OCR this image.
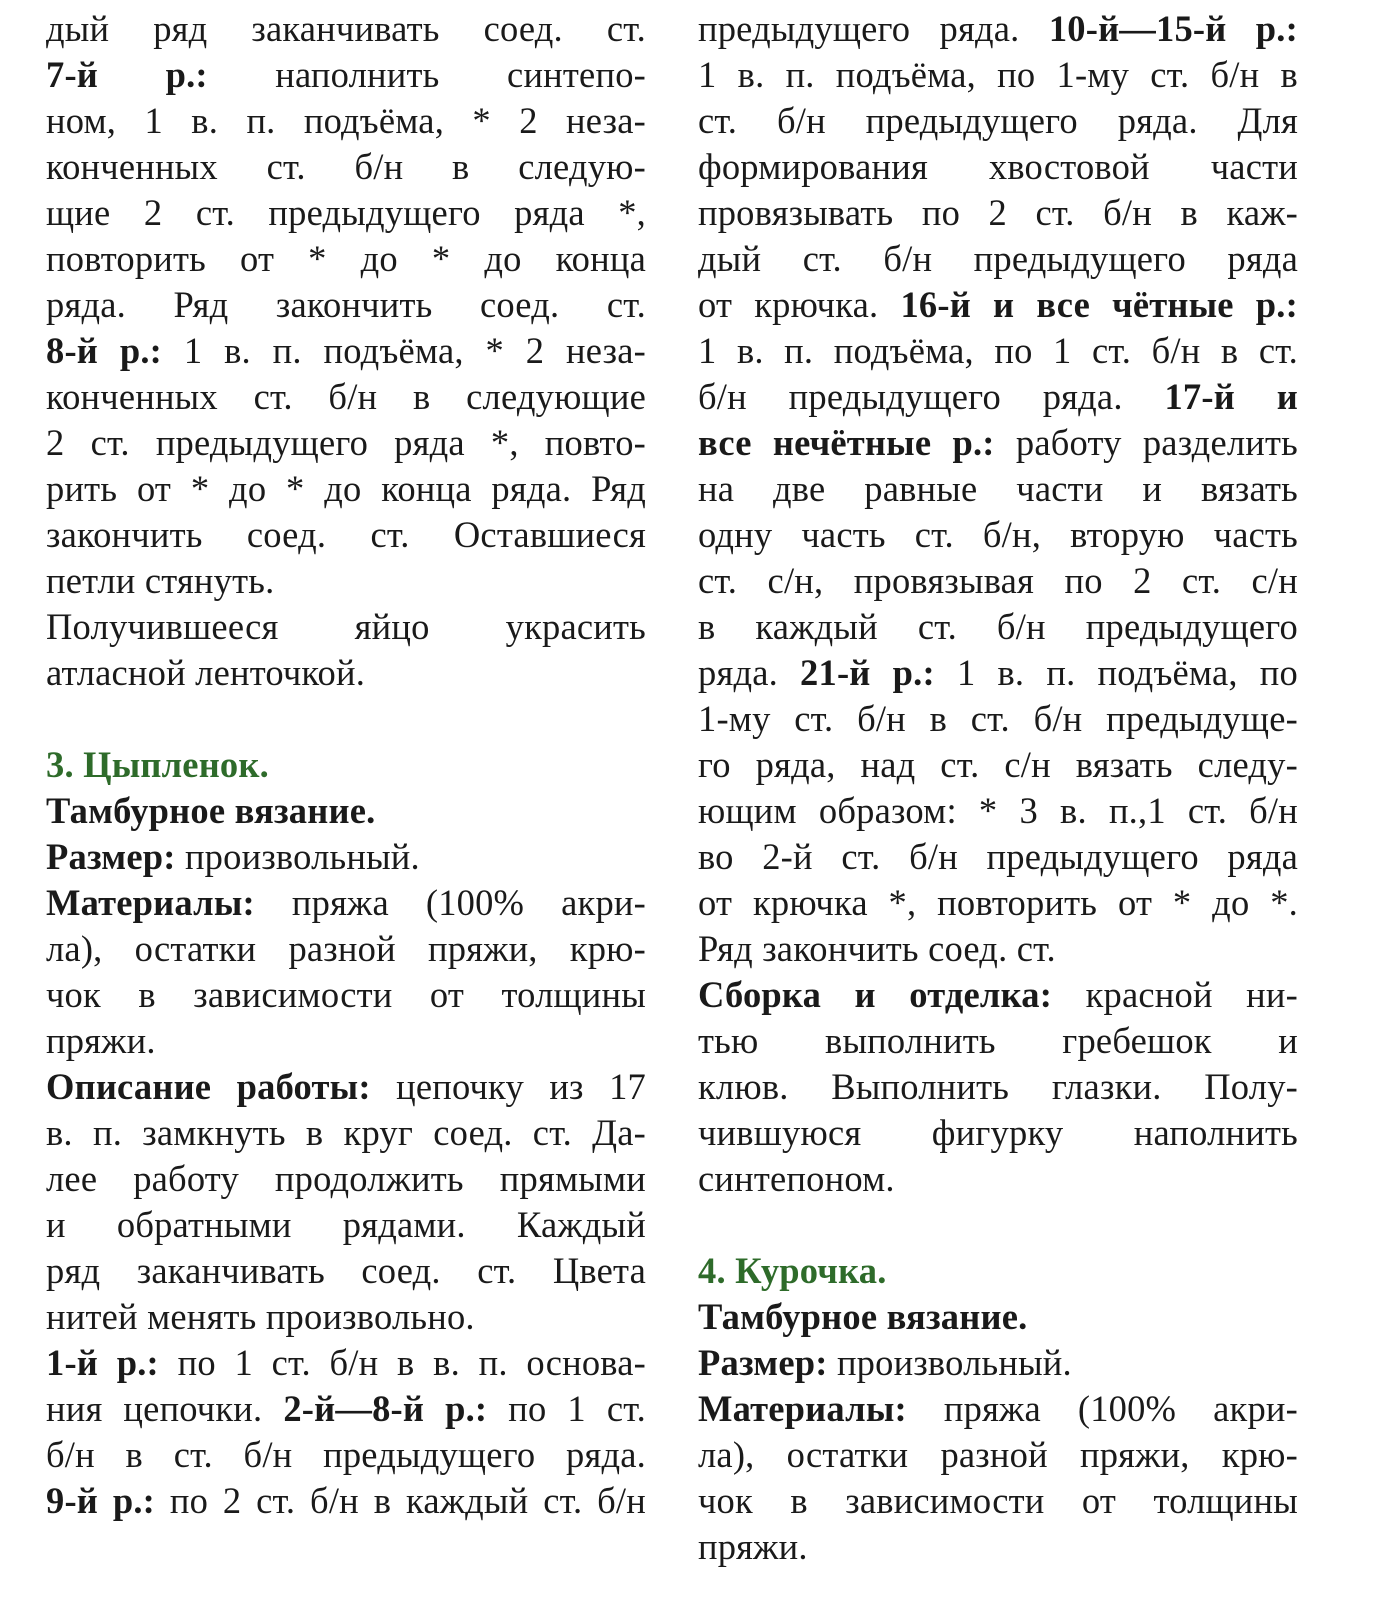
дый ряд заканчивать соед. ст.
7-й р.: наполнить синтепо-
ном, 1 в. п. подъёма, * 2 неза-
конченных ст. б/н в следую-
щие 2 ст. предыдущего ряда *,
повторить от * до * до конца
ряда. Ряд закончить соед. ст.
8-й р.: 1 в. п. подъёма, * 2 неза-
конченных ст. б/н в следующие
2 ст. предыдущего ряда *, повто-
рить от * до * до конца ряда. Ряд
закончить соед. ст. Оставшиеся
петли стянуть.
Получившееся яйцо украсить
атласной ленточкой.
3. Цыпленок.
Тамбурное вязание.
Размер: произвольный.
Материалы: пряжа (100% акри-
ла), остатки разной пряжи, крю-
чок в зависимости от толщины
пряжи.
Описание работы: цепочку из 17
в. п. замкнуть в круг соед. ст. Да-
лее работу продолжить прямыми
и обратными рядами. Каждый
ряд заканчивать соед. ст. Цвета
нитей менять произвольно.
1-й р.: по 1 ст. б/н в в. п. основа-
ния цепочки. 2-й—8-й р.: по 1 ст.
б/н в ст. б/н предыдущего ряда.
9-й р.: по 2 ст. б/н в каждый ст. б/н
предыдущего ряда. 10-й—15-й р.:
1 в. п. подъёма, по 1-му ст. б/н в
ст. б/н предыдущего ряда. Для
формирования хвостовой части
провязывать по 2 ст. б/н в каж-
дый ст. б/н предыдущего ряда
от крючка. 16-й и все чётные р.:
1 в. п. подъёма, по 1 ст. б/н в ст.
б/н предыдущего ряда. 17-й и
все нечётные р.: работу разделить
на две равные части и вязать
одну часть ст. б/н, вторую часть
ст. с/н, провязывая по 2 ст. с/н
в каждый ст. б/н предыдущего
ряда. 21-й р.: 1 в. п. подъёма, по
1-му ст. б/н в ст. б/н предыдуще-
го ряда, над ст. с/н вязать следу-
ющим образом: * 3 в. п.,1 ст. б/н
во 2-й ст. б/н предыдущего ряда
от крючка *, повторить от * до *.
Ряд закончить соед. ст.
Сборка и отделка: красной ни-
тью выполнить гребешок и
клюв. Выполнить глазки. Полу-
чившуюся фигурку наполнить
синтепоном.
4. Курочка.
Тамбурное вязание.
Размер: произвольный.
Материалы: пряжа (100% акри-
ла), остатки разной пряжи, крю-
чок в зависимости от толщины
пряжи.
